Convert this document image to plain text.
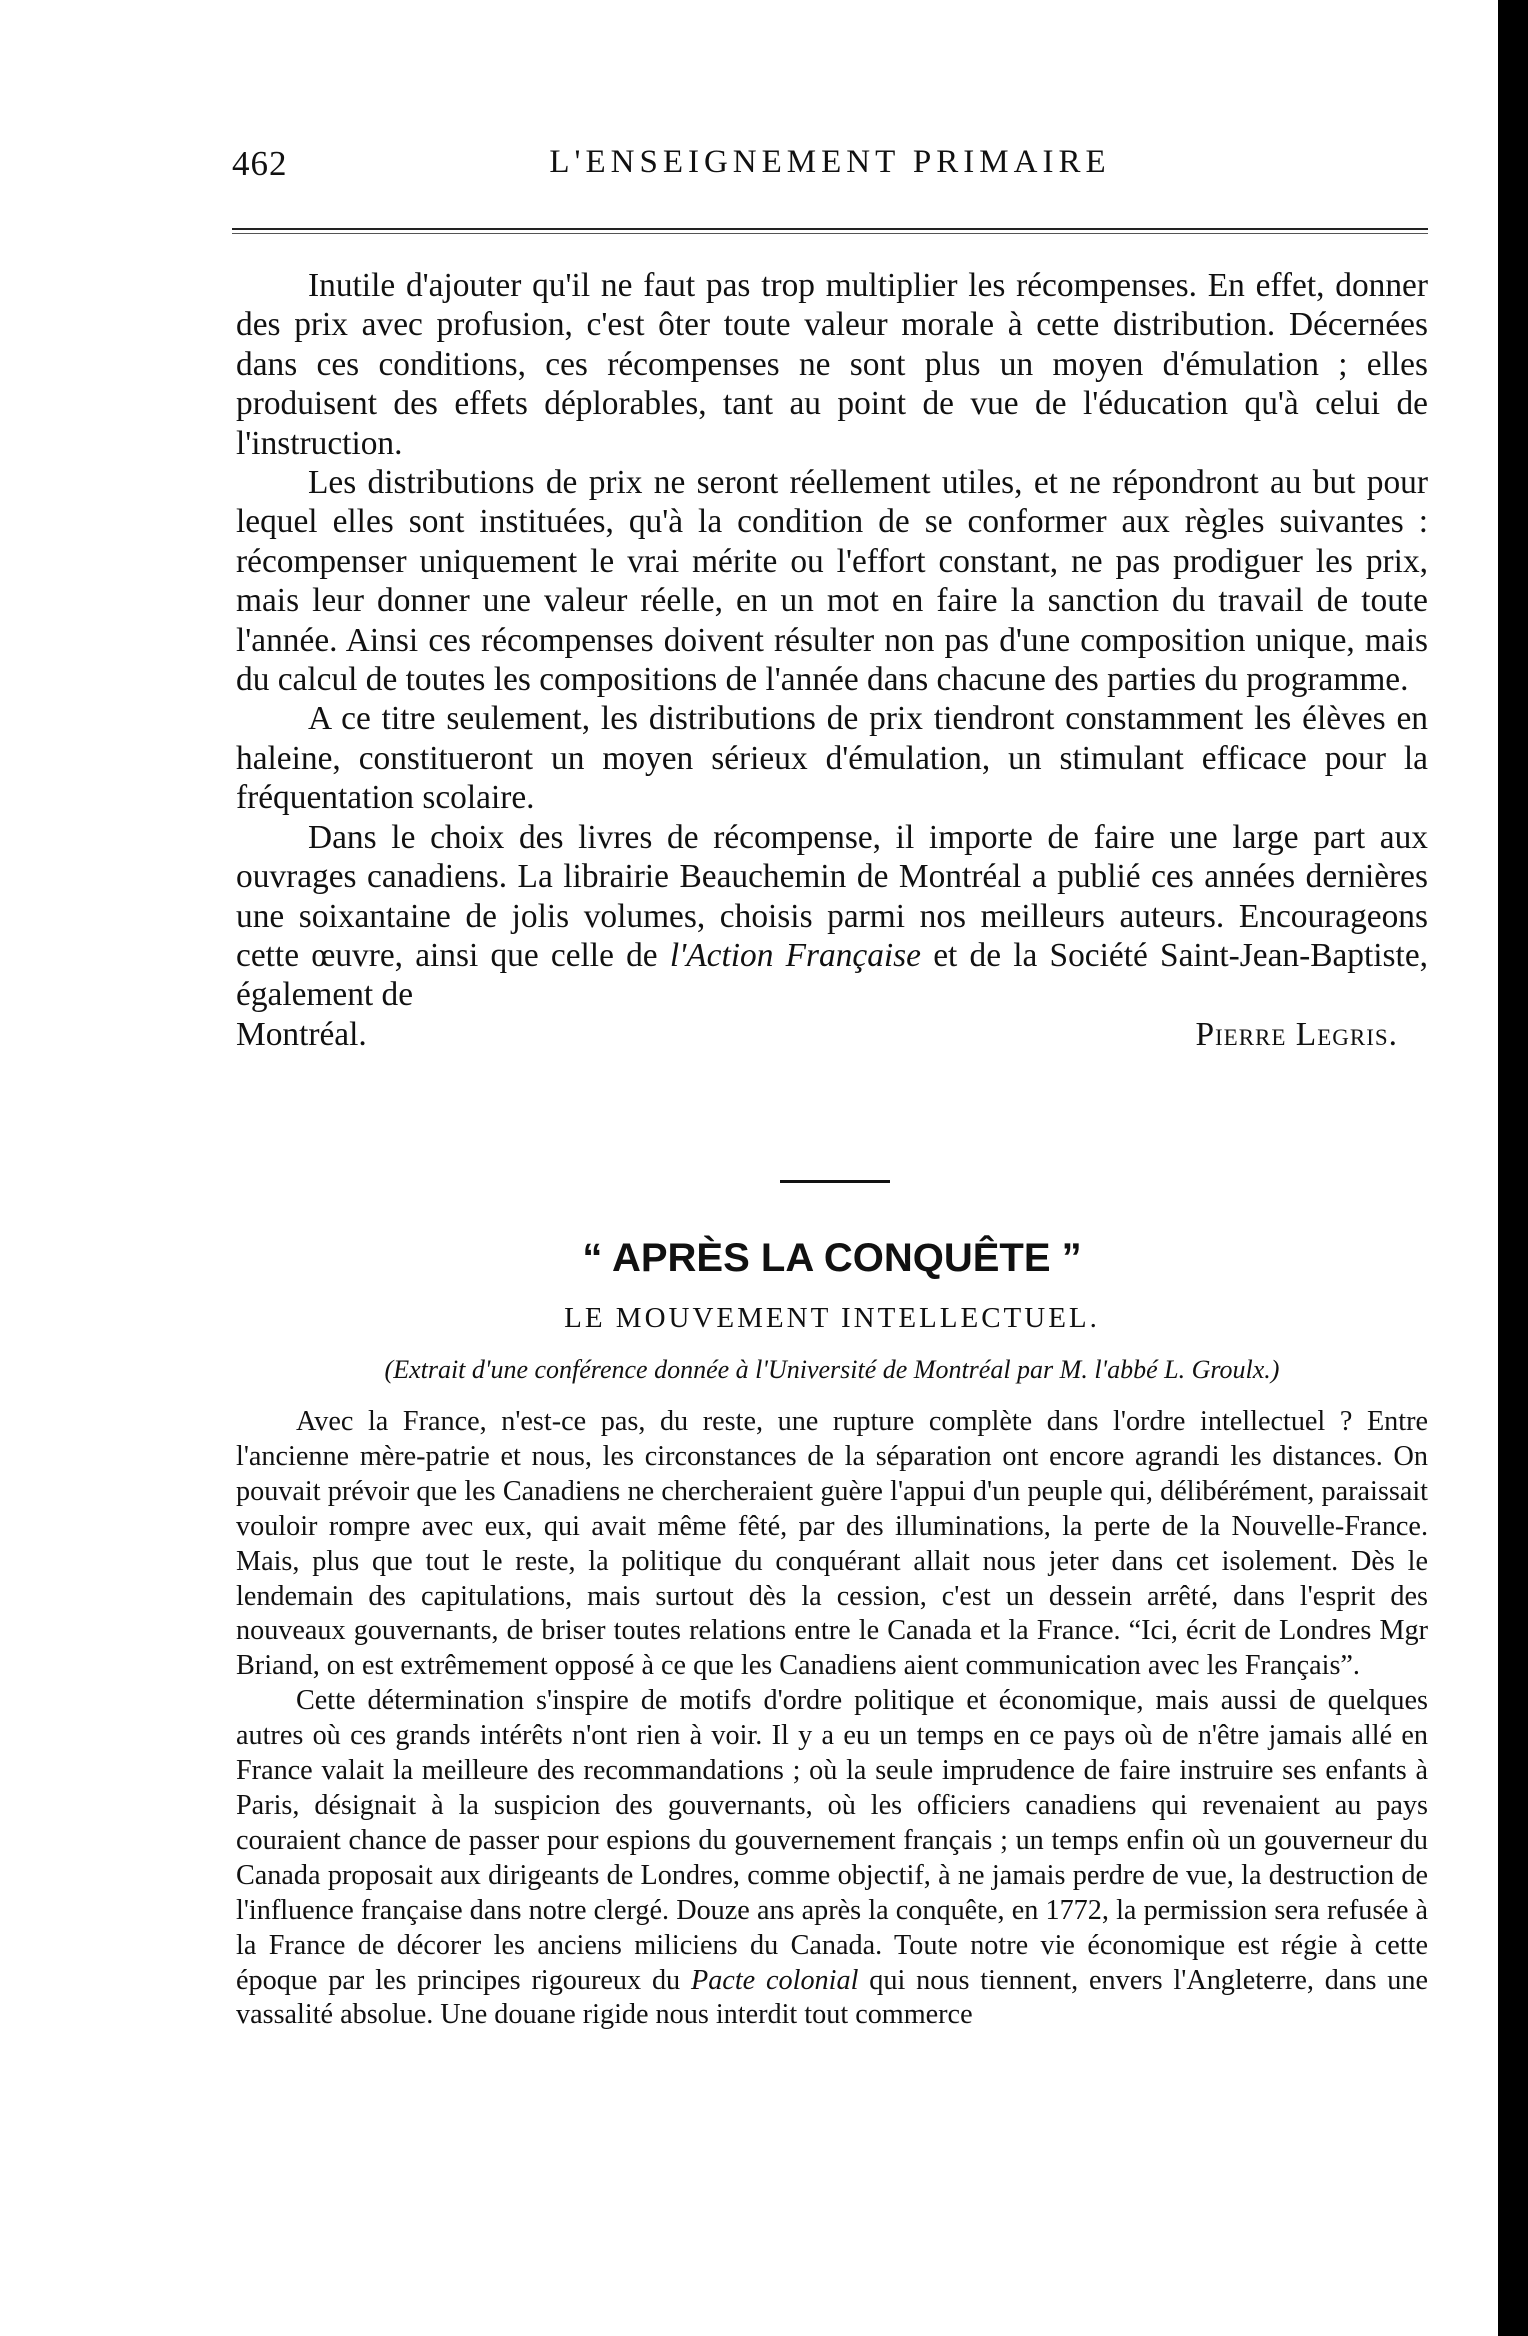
462	L'ENSEIGNEMENT PRIMAIRE

Inutile d'ajouter qu'il ne faut pas trop multiplier les récompenses. En effet, donner des prix avec profusion, c'est ôter toute valeur morale à cette distribution. Décernées dans ces conditions, ces récompenses ne sont plus un moyen d'émulation ; elles produisent des effets déplorables, tant au point de vue de l'éducation qu'à celui de l'instruction.

Les distributions de prix ne seront réellement utiles, et ne répondront au but pour lequel elles sont instituées, qu'à la condition de se conformer aux règles suivantes : récompenser uniquement le vrai mérite ou l'effort constant, ne pas prodiguer les prix, mais leur donner une valeur réelle, en un mot en faire la sanction du travail de toute l'année. Ainsi ces récompenses doivent résulter non pas d'une composition unique, mais du calcul de toutes les compositions de l'année dans chacune des parties du programme.

A ce titre seulement, les distributions de prix tiendront constamment les élèves en haleine, constitueront un moyen sérieux d'émulation, un stimulant efficace pour la fréquentation scolaire.

Dans le choix des livres de récompense, il importe de faire une large part aux ouvrages canadiens. La librairie Beauchemin de Montréal a publié ces années dernières une soixantaine de jolis volumes, choisis parmi nos meilleurs auteurs. Encourageons cette œuvre, ainsi que celle de l'Action Française et de la Société Saint-Jean-Baptiste, également de

Montréal.	Pierre Legris.
“ APRÈS LA CONQUÊTE ”
LE MOUVEMENT INTELLECTUEL.
(Extrait d'une conférence donnée à l'Université de Montréal par M. l'abbé L. Groulx.)

Avec la France, n'est-ce pas, du reste, une rupture complète dans l'ordre intellectuel ? Entre l'ancienne mère-patrie et nous, les circonstances de la séparation ont encore agrandi les distances. On pouvait prévoir que les Canadiens ne chercheraient guère l'appui d'un peuple qui, délibérément, paraissait vouloir rompre avec eux, qui avait même fêté, par des illuminations, la perte de la Nouvelle-France. Mais, plus que tout le reste, la politique du conquérant allait nous jeter dans cet isolement. Dès le lendemain des capitulations, mais surtout dès la cession, c'est un dessein arrêté, dans l'esprit des nouveaux gouvernants, de briser toutes relations entre le Canada et la France. “Ici, écrit de Londres Mgr Briand, on est extrêmement opposé à ce que les Canadiens aient communication avec les Français”.

Cette détermination s'inspire de motifs d'ordre politique et économique, mais aussi de quelques autres où ces grands intérêts n'ont rien à voir. Il y a eu un temps en ce pays où de n'être jamais allé en France valait la meilleure des recommandations ; où la seule imprudence de faire instruire ses enfants à Paris, désignait à la suspicion des gouvernants, où les officiers canadiens qui revenaient au pays couraient chance de passer pour espions du gouvernement français ; un temps enfin où un gouverneur du Canada proposait aux dirigeants de Londres, comme objectif, à ne jamais perdre de vue, la destruction de l'influence française dans notre clergé. Douze ans après la conquête, en 1772, la permission sera refusée à la France de décorer les anciens miliciens du Canada. Toute notre vie économique est régie à cette époque par les principes rigoureux du Pacte colonial qui nous tiennent, envers l'Angleterre, dans une vassalité absolue. Une douane rigide nous interdit tout commerce
